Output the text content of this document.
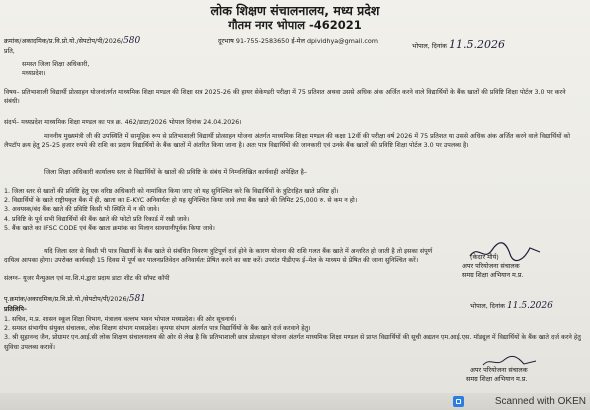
लोक शिक्षण संचालनालय, मध्य प्रदेश
गौतम नगर भोपाल -462021
क्रमांक/अकादमिक/प्र.वि.प्रो.यो./सेपटोप/पी/2026/580	दूरभाष 91-755-2583650 ई-मेल dpividhya@gmail.com
भोपाल, दिनांक 11.5.2026
प्रति,
समस्त जिला शिक्षा अधिकारी,
मध्यप्रदेश।
विषय– प्रतिभाशाली विद्यार्थी प्रोत्साहन योजनांतर्गत माध्यमिक शिक्षा मण्डल की शिक्षा सत्र 2025-26 की हायर सेकेण्डरी परीक्षा में 75 प्रतिशत अथवा उससे अधिक अंक अर्जित करने वाले विद्यार्थियों के बैंक खातों की प्रविष्टि शिक्षा पोर्टल 3.0 पर करने संबंधी।
संदर्भ– मध्यप्रदेश माध्यमिक शिक्षा मण्डल का पत्र क्र. 462/डाटा/2026 भोपाल दिनांक 24.04.2026।
माननीय मुख्यमंत्री जी की उपस्थिति में सामूहिक रूप से प्रतिभाशाली विद्यार्थी प्रोत्साहन योजना अंतर्गत माध्यमिक शिक्षा मण्डल की कक्षा 12वीं की परीक्षा वर्ष 2026 में 75 प्रतिशत या उससे अधिक अंक अर्जित करने वाले विद्यार्थियों को लैपटॉप क्रय हेतु 25-25 हजार रुपये की राशि का प्रदाय विद्यार्थियों के बैंक खातों में अंतरित किया जाना है। अतः पात्र विद्यार्थियों की जानकारी एवं उनके बैंक खातों की प्रविष्टि शिक्षा पोर्टल 3.0 पर उपलब्ध है।
जिला शिक्षा अधिकारी कार्यालय स्तर से विद्यार्थियों के खातों की प्रविष्टि के संबंध में निम्नलिखित कार्यवाही अपेक्षित है–
1. जिला स्तर से खातों की प्रविष्टि हेतु एक वरिष्ठ अधिकारी को नामांकित किया जाए जो यह सुनिश्चित करे कि विद्यार्थियों के त्रुटिरहित खाते प्रविष्ट हों।
2. विद्यार्थियों के खाते राष्ट्रीयकृत बैंक में ही, खाता का E-KYC अनिवार्यतः हो यह सुनिश्चित किया जावे तथा बैंक खाते की लिमिट 25,000 रु. से कम न हो।
3. अवयस्क/बंद बैंक खाते की प्रविष्टि किसी भी स्थिति में न की जावे।
4. प्रविष्टि के पूर्व सभी विद्यार्थियों की बैंक खाते की फोटो प्रति रिकार्ड में रखी जावे।
5. बैंक खाते का IFSC CODE एवं बैंक खाता क्रमांक का मिलान सावधानीपूर्वक किया जावे।
यदि जिला स्तर से किसी भी पात्र विद्यार्थी के बैंक खाते से संबंधित विवरण त्रुटिपूर्ण दर्ज होने के कारण योजना की राशि गलत बैंक खाते में अन्तरित हो जाती है तो इसका संपूर्ण दायित्व आपका होगा। उपरोक्त कार्यवाही 15 दिवस में पूर्ण कर पालनप्रतिवेदन अनिवार्यतः प्रेषित करने का कष्ट करें। उपरांत पीडीएफ ई–मेल के माध्यम से प्रेषित की जाना सुनिश्चित करें।
संलग्न– यूजर मैन्युअल एवं मा.शि.मं.द्वारा प्रदाय डाटा शीट की सॉफ्ट कॉपी
(केदार मौर्य)
अपर परियोजना संचालक
समग्र शिक्षा अभियान म.प्र.
पृ.क्रमांक/अकादमिक/प्र.वि.प्रो.यो./सेपटोप/पी/2026/581
भोपाल, दिनांक 11.5.2026
प्रतिलिपि–
1. सचिव, म.प्र. शासन स्कूल शिक्षा विभाग, मंत्रालय वल्लभ भवन भोपाल मध्यप्रदेश। की ओर सूचनार्थ।
2. समस्त संभागीय संयुक्त संचालक, लोक शिक्षण संभाग मध्यप्रदेश। कृपया संभाग अंतर्गत पात्र विद्यार्थियों के बैंक खाते दर्ज करवाने हेतु।
3. श्री सुहानन्द जैन, प्रोग्रामर एन.आई.सी लोक शिक्षण संचालनालय की ओर से लेख है कि प्रतिभाशाली छात्र प्रोत्साहन योजना अंतर्गत माध्यमिक शिक्षा मण्डल से प्राप्त विद्यार्थियों की सूची अद्यतन एम.आई.एस. मॉड्यूल में विद्यार्थियों के बैंक खाते दर्ज करने हेतु सुविधा उपलब्ध करावें।
अपर परियोजना संचालक
समग्र शिक्षा अभियान म.प्र.
Scanned with OKEN
